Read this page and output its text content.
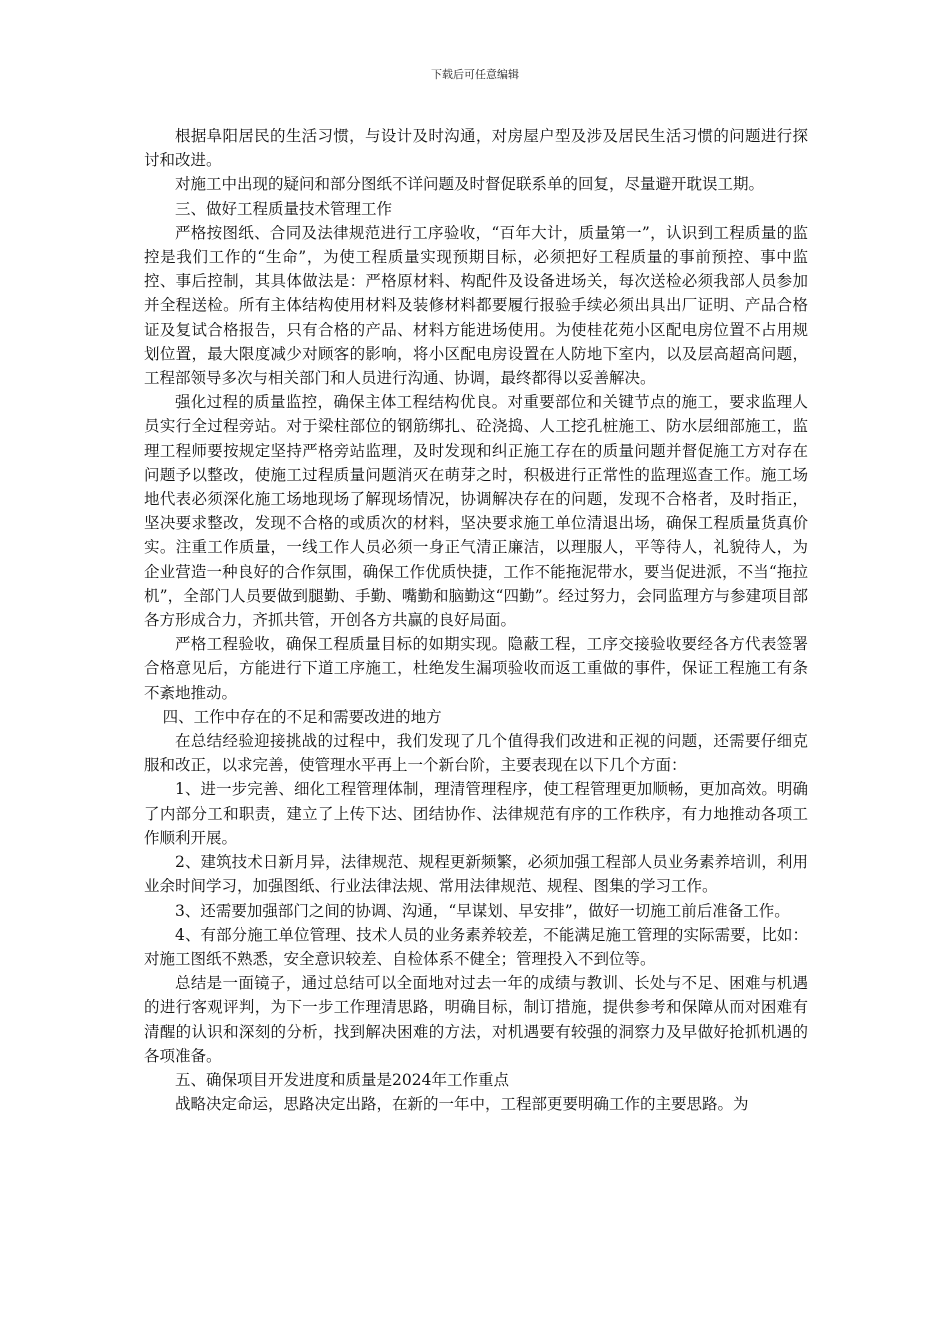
下载后可任意编辑

根据阜阳居民的生活习惯，与设计及时沟通，对房屋户型及涉及居民生活习惯的问题进行探讨和改进。

对施工中出现的疑问和部分图纸不详问题及时督促联系单的回复，尽量避开耽误工期。

三、做好工程质量技术管理工作

严格按图纸、合同及法律规范进行工序验收，“百年大计，质量第一”，认识到工程质量的监控是我们工作的“生命”，为使工程质量实现预期目标，必须把好工程质量的事前预控、事中监控、事后控制，其具体做法是：严格原材料、构配件及设备进场关，每次送检必须我部人员参加并全程送检。所有主体结构使用材料及装修材料都要履行报验手续必须出具出厂证明、产品合格证及复试合格报告，只有合格的产品、材料方能进场使用。为使桂花苑小区配电房位置不占用规划位置，最大限度减少对顾客的影响，将小区配电房设置在人防地下室内，以及层高超高问题，工程部领导多次与相关部门和人员进行沟通、协调，最终都得以妥善解决。

强化过程的质量监控，确保主体工程结构优良。对重要部位和关键节点的施工，要求监理人员实行全过程旁站。对于梁柱部位的钢筋绑扎、砼浇捣、人工挖孔桩施工、防水层细部施工，监理工程师要按规定坚持严格旁站监理，及时发现和纠正施工存在的质量问题并督促施工方对存在问题予以整改，使施工过程质量问题消灭在萌芽之时，积极进行正常性的监理巡查工作。施工场地代表必须深化施工场地现场了解现场情况，协调解决存在的问题，发现不合格者，及时指正，坚决要求整改，发现不合格的或质次的材料，坚决要求施工单位清退出场，确保工程质量货真价实。注重工作质量，一线工作人员必须一身正气清正廉洁，以理服人，平等待人，礼貌待人，为企业营造一种良好的合作氛围，确保工作优质快捷，工作不能拖泥带水，要当促进派，不当“拖拉机”，全部门人员要做到腿勤、手勤、嘴勤和脑勤这“四勤”。经过努力，会同监理方与参建项目部各方形成合力，齐抓共管，开创各方共赢的良好局面。

严格工程验收，确保工程质量目标的如期实现。隐蔽工程，工序交接验收要经各方代表签署合格意见后，方能进行下道工序施工，杜绝发生漏项验收而返工重做的事件，保证工程施工有条不紊地推动。

四、工作中存在的不足和需要改进的地方

在总结经验迎接挑战的过程中，我们发现了几个值得我们改进和正视的问题，还需要仔细克服和改正，以求完善，使管理水平再上一个新台阶，主要表现在以下几个方面：

1、进一步完善、细化工程管理体制，理清管理程序，使工程管理更加顺畅，更加高效。明确了内部分工和职责，建立了上传下达、团结协作、法律规范有序的工作秩序，有力地推动各项工作顺利开展。

2、建筑技术日新月异，法律规范、规程更新频繁，必须加强工程部人员业务素养培训，利用业余时间学习，加强图纸、行业法律法规、常用法律规范、规程、图集的学习工作。

3、还需要加强部门之间的协调、沟通，“早谋划、早安排”，做好一切施工前后准备工作。

4、有部分施工单位管理、技术人员的业务素养较差，不能满足施工管理的实际需要，比如：对施工图纸不熟悉，安全意识较差、自检体系不健全；管理投入不到位等。

总结是一面镜子，通过总结可以全面地对过去一年的成绩与教训、长处与不足、困难与机遇的进行客观评判，为下一步工作理清思路，明确目标，制订措施，提供参考和保障从而对困难有清醒的认识和深刻的分析，找到解决困难的方法，对机遇要有较强的洞察力及早做好抢抓机遇的各项准备。

五、确保项目开发进度和质量是2024年工作重点

战略决定命运，思路决定出路，在新的一年中，工程部更要明确工作的主要思路。为
